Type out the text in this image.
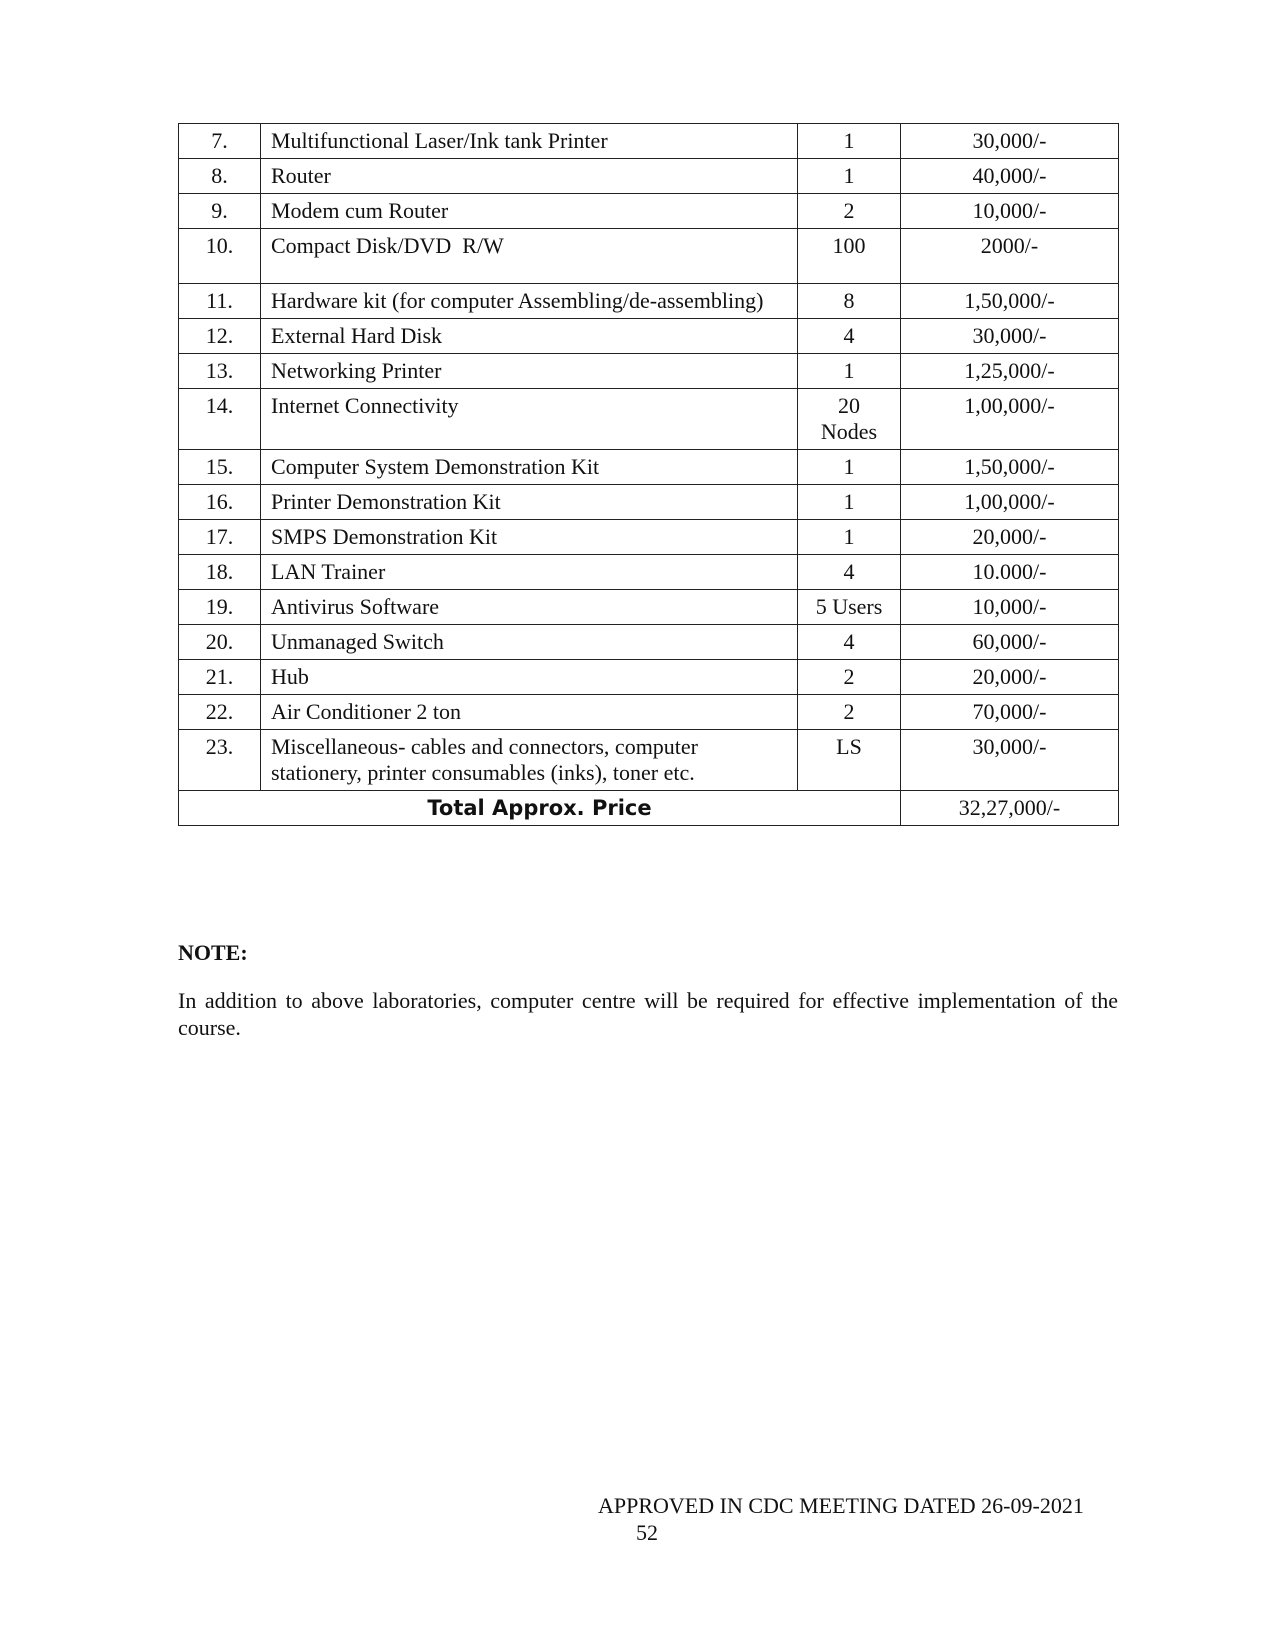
7.	Multifunctional Laser/Ink tank Printer	1	30,000/-
8.	Router	1	40,000/-
9.	Modem cum Router	2	10,000/-
10.	Compact Disk/DVD  R/W	100	2000/-
11.	Hardware kit (for computer Assembling/de-assembling)	8	1,50,000/-
12.	External Hard Disk	4	30,000/-
13.	Networking Printer	1	1,25,000/-
14.	Internet Connectivity	20 Nodes	1,00,000/-
15.	Computer System Demonstration Kit	1	1,50,000/-
16.	Printer Demonstration Kit	1	1,00,000/-
17.	SMPS Demonstration Kit	1	20,000/-
18.	LAN Trainer	4	10.000/-
19.	Antivirus Software	5 Users	10,000/-
20.	Unmanaged Switch	4	60,000/-
21.	Hub	2	20,000/-
22.	Air Conditioner 2 ton	2	70,000/-
23.	Miscellaneous- cables and connectors, computer stationery, printer consumables (inks), toner etc.	LS	30,000/-
Total Approx. Price			32,27,000/-

NOTE:

In addition to above laboratories, computer centre will be required for effective implementation of the course.

APPROVED IN CDC MEETING DATED 26-09-2021

52
